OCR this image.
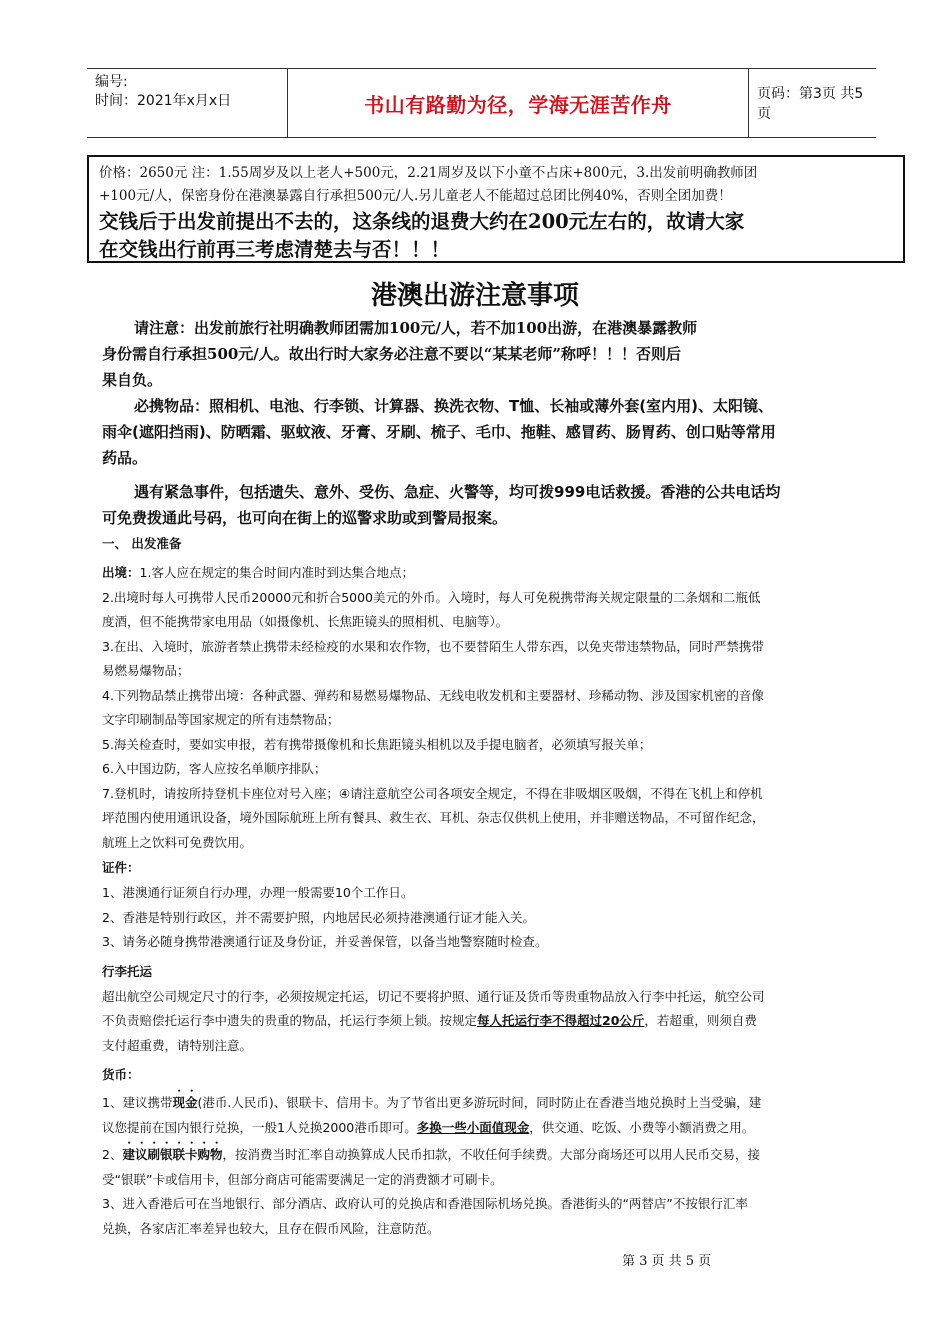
编号:
时间：2021年x月x日	书山有路勤为径，学海无涯苦作舟	页码：第3页 共5页
价格：2650元 注：1.55周岁及以上老人+500元，2.21周岁及以下小童不占床+800元，3.出发前明确教师团
+100元/人，保密身份在港澳暴露自行承担500元/人.另儿童老人不能超过总团比例40%，否则全团加费！
交钱后于出发前提出不去的，这条线的退费大约在200元左右的，故请大家
在交钱出行前再三考虑清楚去与否！！！
港澳出游注意事项

请注意：出发前旅行社明确教师团需加100元/人，若不加100出游，在港澳暴露教师

身份需自行承担500元/人。故出行时大家务必注意不要以“某某老师”称呼！！！否则后

果自负。

必携物品：照相机、电池、行李锁、计算器、换洗衣物、T恤、长袖或薄外套(室内用)、太阳镜、

雨伞(遮阳挡雨)、防晒霜、驱蚊液、牙膏、牙刷、梳子、毛巾、拖鞋、感冒药、肠胃药、创口贴等常用

药品。

遇有紧急事件，包括遗失、意外、受伤、急症、火警等，均可拨999电话救援。香港的公共电话均

可免费拨通此号码，也可向在街上的巡警求助或到警局报案。

一、 出发准备

出境：1.客人应在规定的集合时间内准时到达集合地点；

2.出境时每人可携带人民币20000元和折合5000美元的外币。入境时，每人可免税携带海关规定限量的二条烟和二瓶低

度酒，但不能携带家电用品（如摄像机、长焦距镜头的照相机、电脑等）。

3.在出、入境时，旅游者禁止携带未经检疫的水果和农作物，也不要替陌生人带东西，以免夹带违禁物品，同时严禁携带

易燃易爆物品；

4.下列物品禁止携带出境：各种武器、弹药和易燃易爆物品、无线电收发机和主要器材、珍稀动物、涉及国家机密的音像

文字印刷制品等国家规定的所有违禁物品；

5.海关检查时，要如实申报，若有携带摄像机和长焦距镜头相机以及手提电脑者，必须填写报关单；

6.入中国边防，客人应按名单顺序排队；

7.登机时，请按所持登机卡座位对号入座；④请注意航空公司各项安全规定，不得在非吸烟区吸烟，不得在飞机上和停机

坪范围内使用通讯设备，境外国际航班上所有餐具、救生衣、耳机、杂志仅供机上使用，并非赠送物品，不可留作纪念，

航班上之饮料可免费饮用。

证件：

1、港澳通行证须自行办理，办理一般需要10个工作日。

2、香港是特别行政区，并不需要护照，内地居民必须持港澳通行证才能入关。

3、请务必随身携带港澳通行证及身份证，并妥善保管，以备当地警察随时检查。

行李托运

超出航空公司规定尺寸的行李，必须按规定托运，切记不要将护照、通行证及货币等贵重物品放入行李中托运，航空公司

不负责赔偿托运行李中遗失的贵重的物品，托运行李须上锁。按规定每人托运行李不得超过20公斤，若超重，则须自费

支付超重费，请特别注意。

货币：

1、建议携带现金(港币.人民币)、银联卡、信用卡。为了节省出更多游玩时间，同时防止在香港当地兑换时上当受骗，建

议您提前在国内银行兑换，一般1人兑换2000港币即可。多换一些小面值现金，供交通、吃饭、小费等小额消费之用。

2、建议刷银联卡购物，按消费当时汇率自动换算成人民币扣款，不收任何手续费。大部分商场还可以用人民币交易，接

受“银联”卡或信用卡，但部分商店可能需要满足一定的消费额才可刷卡。

3、进入香港后可在当地银行、部分酒店、政府认可的兑换店和香港国际机场兑换。香港街头的“两替店”不按银行汇率

兑换，各家店汇率差异也较大，且存在假币风险，注意防范。

第 3 页 共 5 页
